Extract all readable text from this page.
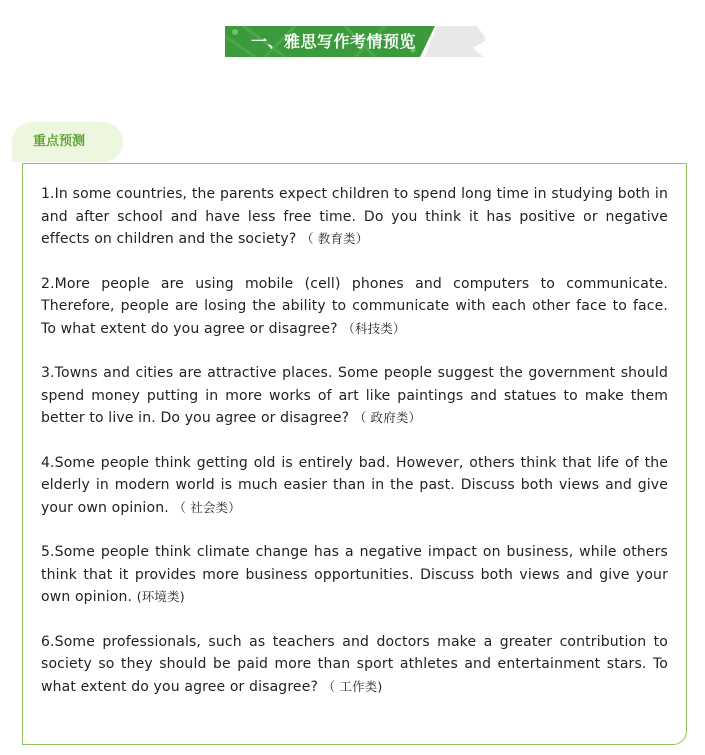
一、雅思写作考情预览
重点预测
1.In some countries, the parents expect children to spend long time in studying both in and after school and have less free time. Do you think it has positive or negative effects on children and the society? （ 教育类）
2.More people are using mobile (cell) phones and computers to communicate. Therefore, people are losing the ability to communicate with each other face to face. To what extent do you agree or disagree? （科技类）
3.Towns and cities are attractive places. Some people suggest the government should spend money putting in more works of art like paintings and statues to make them better to live in. Do you agree or disagree? （ 政府类）
4.Some people think getting old is entirely bad. However, others think that life of the elderly in modern world is much easier than in the past. Discuss both views and give your own opinion. （ 社会类）
5.Some people think climate change has a negative impact on business, while others think that it provides more business opportunities. Discuss both views and give your own opinion. (环境类)
6.Some professionals, such as teachers and doctors make a greater contribution to society so they should be paid more than sport athletes and entertainment stars. To what extent do you agree or disagree? （ 工作类)
